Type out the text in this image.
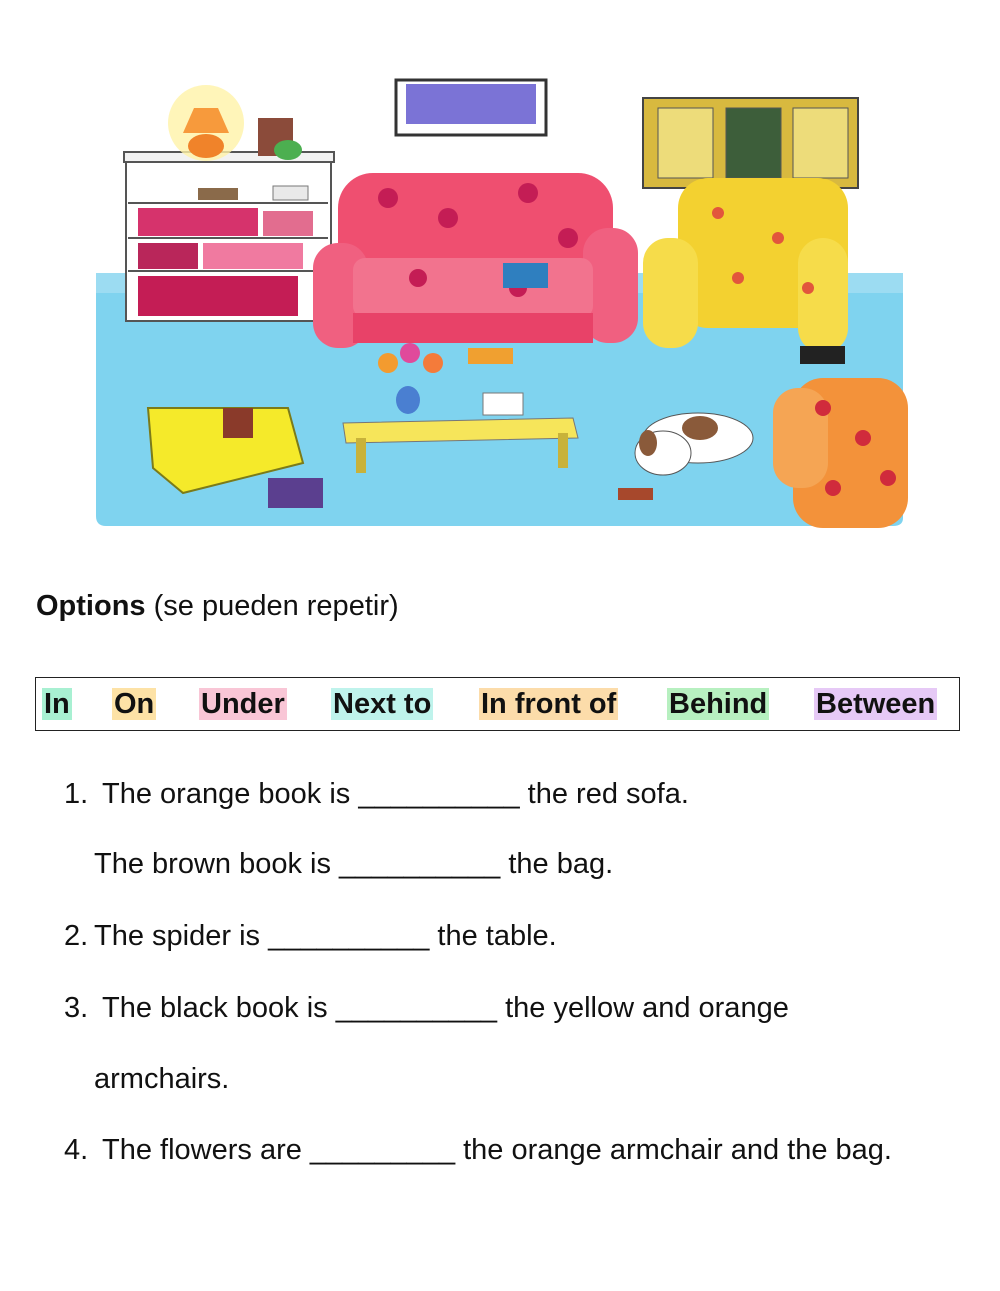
Options (se pueden repetir)
In On Under Next to In front of Behind Between
1. The orange book is __________ the red sofa.
The brown book is __________ the bag.
2. The spider is __________ the table.
3. The black book is __________ the yellow and orange
armchairs.
4. The flowers are _________ the orange armchair and the bag.
